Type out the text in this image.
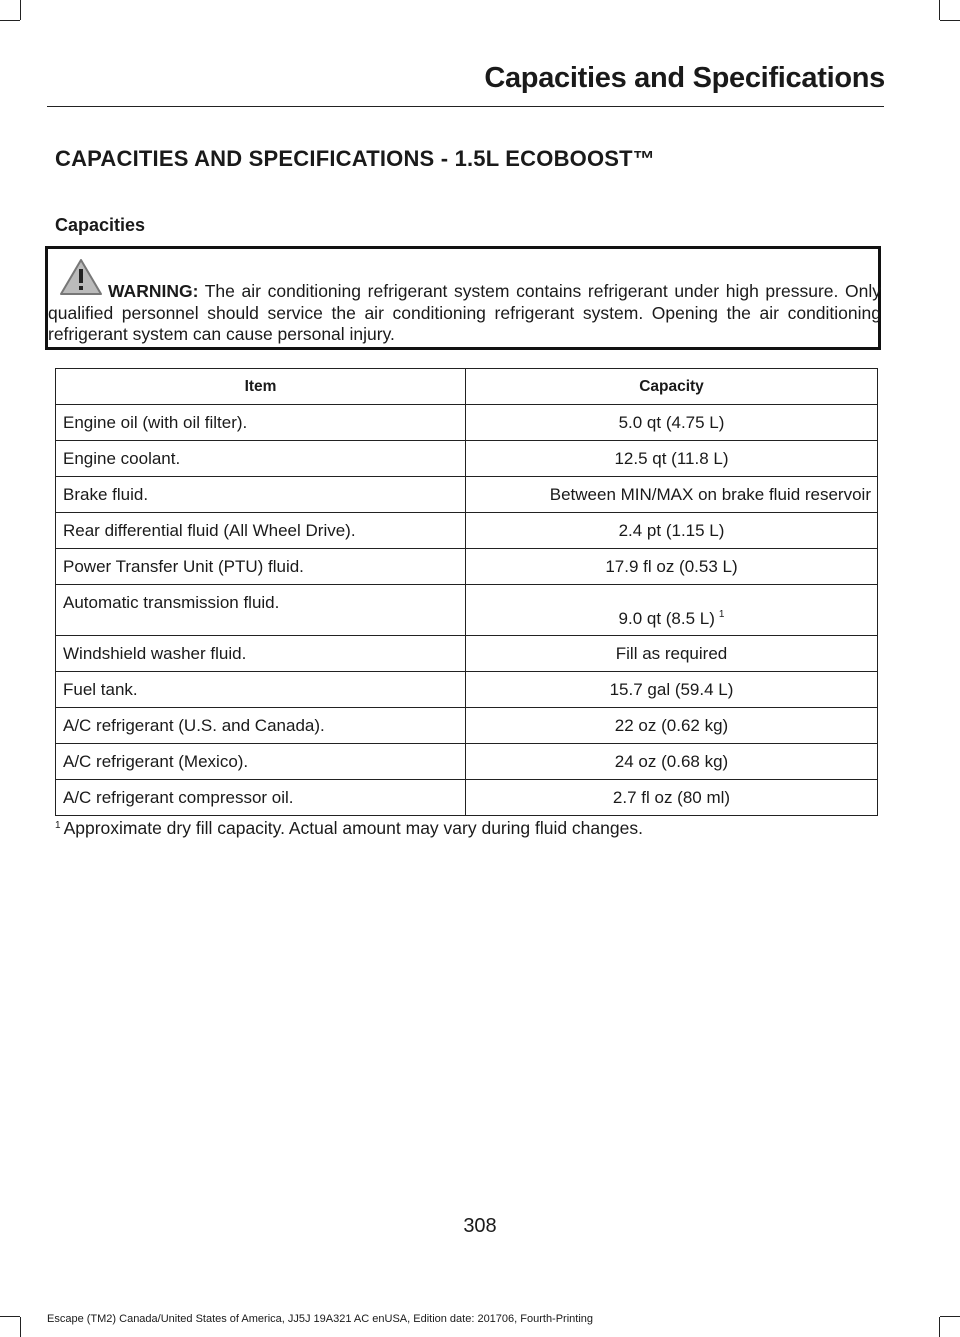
Capacities and Specifications
CAPACITIES AND SPECIFICATIONS - 1.5L ECOBOOST™
Capacities
WARNING: The air conditioning refrigerant system contains refrigerant under high pressure. Only qualified personnel should service the air conditioning refrigerant system. Opening the air conditioning refrigerant system can cause personal injury.
Item	Capacity
Engine oil (with oil filter).	5.0 qt (4.75 L)
Engine coolant.	12.5 qt (11.8 L)
Brake fluid.	Between MIN/MAX on brake fluid reservoir
Rear differential fluid (All Wheel Drive).	2.4 pt (1.15 L)
Power Transfer Unit (PTU) fluid.	17.9 fl oz (0.53 L)
Automatic transmission fluid.	9.0 qt (8.5 L) $^1$
Windshield washer fluid.	Fill as required
Fuel tank.	15.7 gal (59.4 L)
A/C refrigerant (U.S. and Canada).	22 oz (0.62 kg)
A/C refrigerant (Mexico).	24 oz (0.68 kg)
A/C refrigerant compressor oil.	2.7 fl oz (80 ml)
$^1$ Approximate dry fill capacity. Actual amount may vary during fluid changes.
308
Escape (TM2) Canada/United States of America, JJ5J 19A321 AC enUSA, Edition date: 201706, Fourth-Printing
